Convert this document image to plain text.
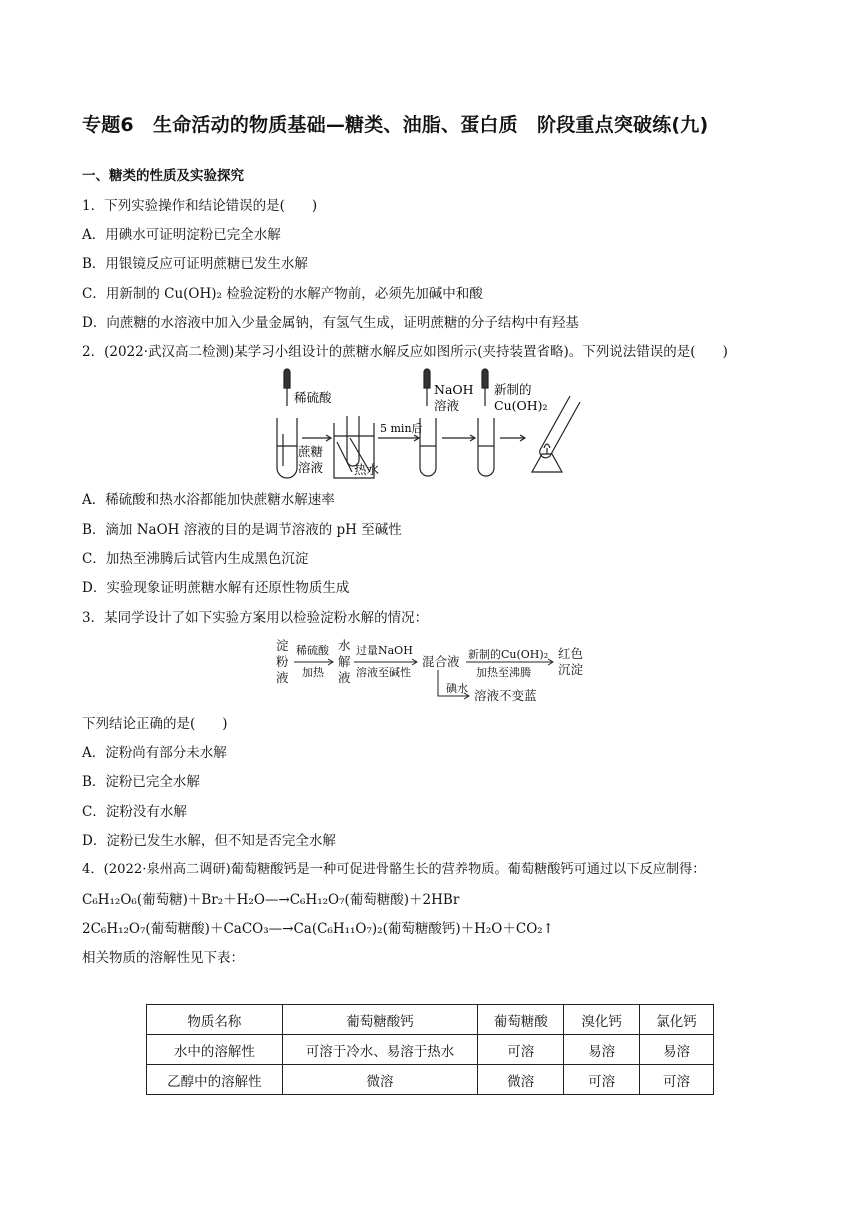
专题6　生命活动的物质基础—糖类、油脂、蛋白质　阶段重点突破练(九)
一、糖类的性质及实验探究
1．下列实验操作和结论错误的是(　　)
A．用碘水可证明淀粉已完全水解
B．用银镜反应可证明蔗糖已发生水解
C．用新制的 Cu(OH)₂ 检验淀粉的水解产物前，必须先加碱中和酸
D．向蔗糖的水溶液中加入少量金属钠，有氢气生成，证明蔗糖的分子结构中有羟基
2．(2022·武汉高二检测)某学习小组设计的蔗糖水解反应如图所示(夹持装置省略)。下列说法错误的是(　　)
稀硫酸
蔗糖
溶液 热水
5 min后
NaOH
溶液
新制的
Cu(OH)₂
A．稀硫酸和热水浴都能加快蔗糖水解速率
B．滴加 NaOH 溶液的目的是调节溶液的 pH 至碱性
C．加热至沸腾后试管内生成黑色沉淀
D．实验现象证明蔗糖水解有还原性物质生成
3．某同学设计了如下实验方案用以检验淀粉水解的情况：
淀
粉
液
稀硫酸
加热
水
解
液
过量NaOH
溶液至碱性
混合液 新制的Cu(OH)₂
加热至沸腾
红色
沉淀
碘水 溶液不变蓝
下列结论正确的是(　　)
A．淀粉尚有部分未水解
B．淀粉已完全水解
C．淀粉没有水解
D．淀粉已发生水解，但不知是否完全水解
4．(2022·泉州高二调研)葡萄糖酸钙是一种可促进骨骼生长的营养物质。葡萄糖酸钙可通过以下反应制得：
C₆H₁₂O₆(葡萄糖)＋Br₂＋H₂O—→C₆H₁₂O₇(葡萄糖酸)＋2HBr
2C₆H₁₂O₇(葡萄糖酸)＋CaCO₃—→Ca(C₆H₁₁O₇)₂(葡萄糖酸钙)＋H₂O＋CO₂↑
相关物质的溶解性见下表：
物质名称	葡萄糖酸钙	葡萄糖酸	溴化钙	氯化钙
水中的溶解性	可溶于冷水、易溶于热水	可溶	易溶	易溶
乙醇中的溶解性	微溶	微溶	可溶	可溶
